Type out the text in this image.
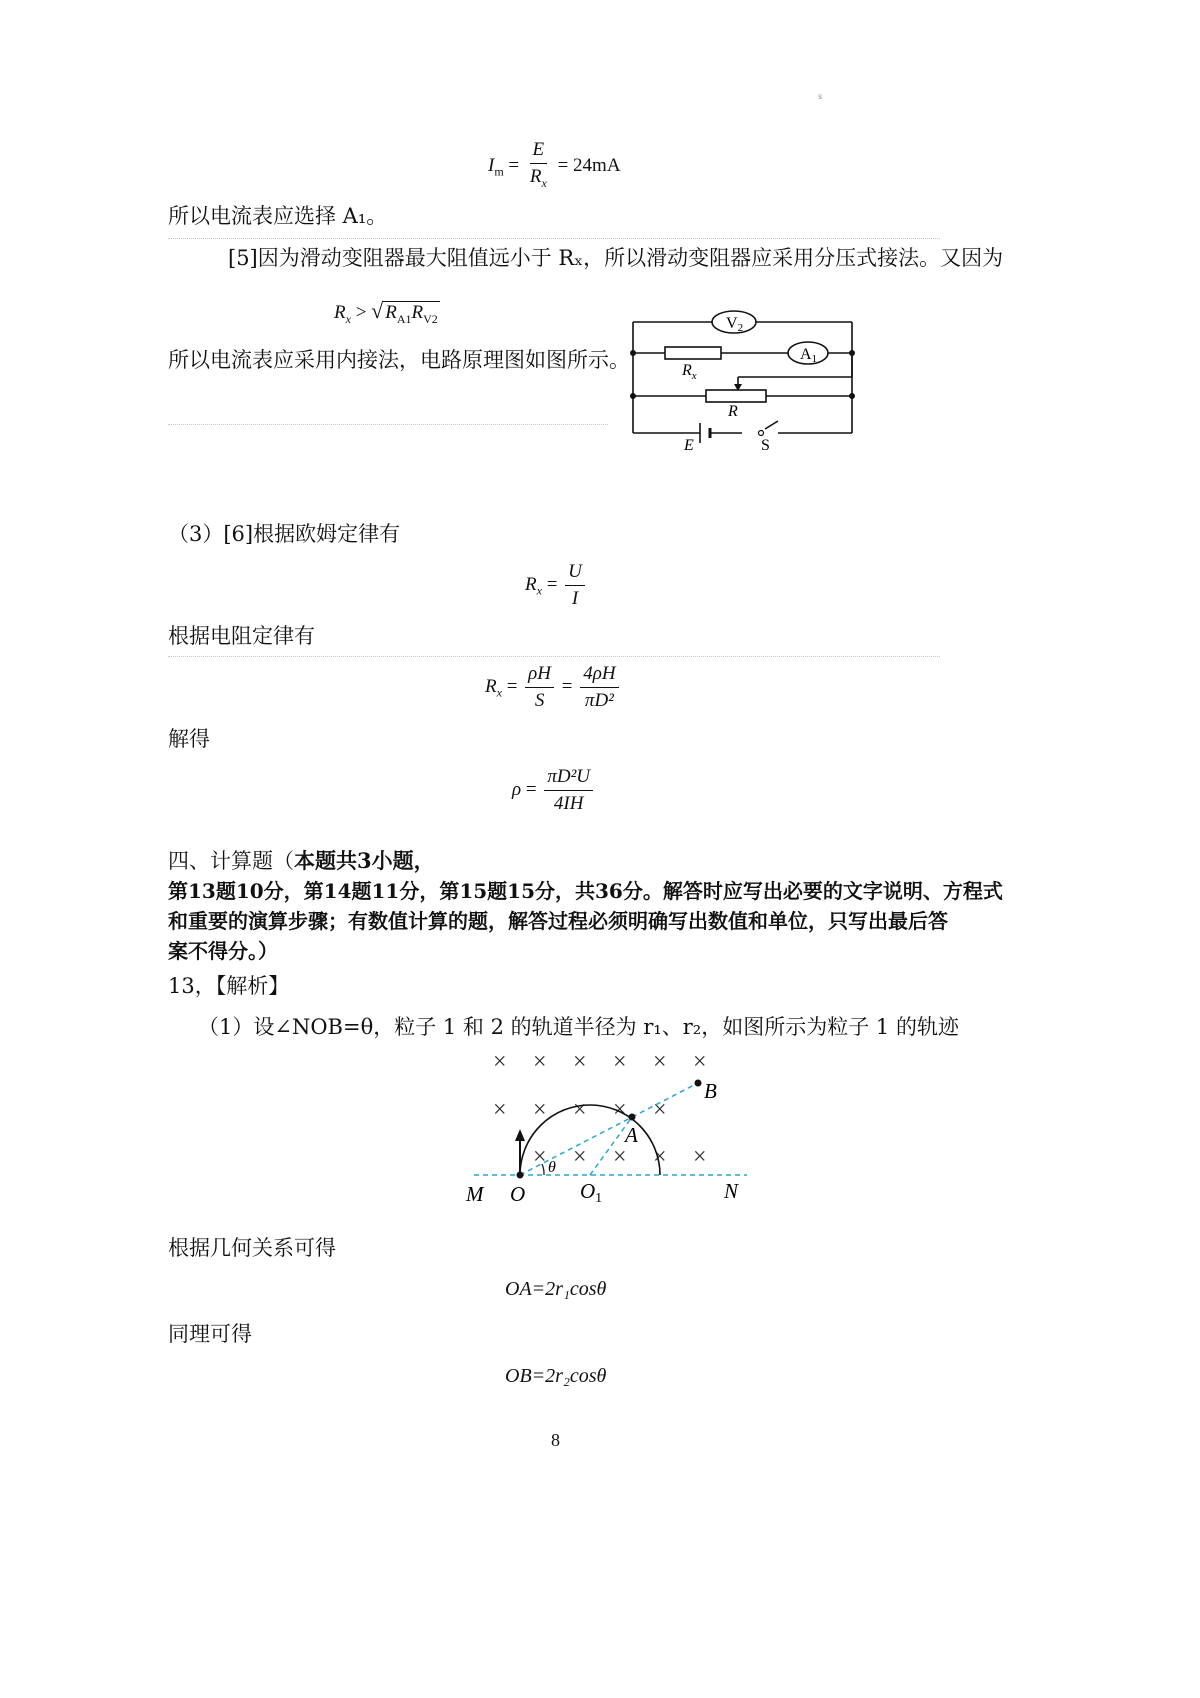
s
$I_m = \frac{E}{R_x} = 24mA$
所以电流表应选择 A₁。
[5]因为滑动变阻器最大阻值远小于 Rₓ，所以滑动变阻器应采用分压式接法。又因为
$R_x$ > √ $R_{A1}R_{V2}$
所以电流表应采用内接法，电路原理图如图所示。
V2
A1
$R_x$
R
E	S
（3）[6]根据欧姆定律有
$R_x = \frac{U}{I}$
根据电阻定律有
$R_x = \frac{\rho H}{S} = \frac{4\rho H}{\text{πD²}}$
解得
$\rho = \frac{\text{πD²U}}{4IH}$
四、计算题（本题共3小题，
第13题10分，第14题11分，第15题15分，共36分。解答时应写出必要的文字说明、方程式
和重要的演算步骤；有数值计算的题，解答过程必须明确写出数值和单位，只写出最后答
案不得分。）
13，【解析】
（1）设∠NOB=θ，粒子 1 和 2 的轨道半径为 r₁、r₂，如图所示为粒子 1 的轨迹
× × × × × ×
× × × × ×
× × × × ×
B
A
θ
M O	O1	N
根据几何关系可得
OA=2r₁cosθ
同理可得
OB=2r₂cosθ
8
